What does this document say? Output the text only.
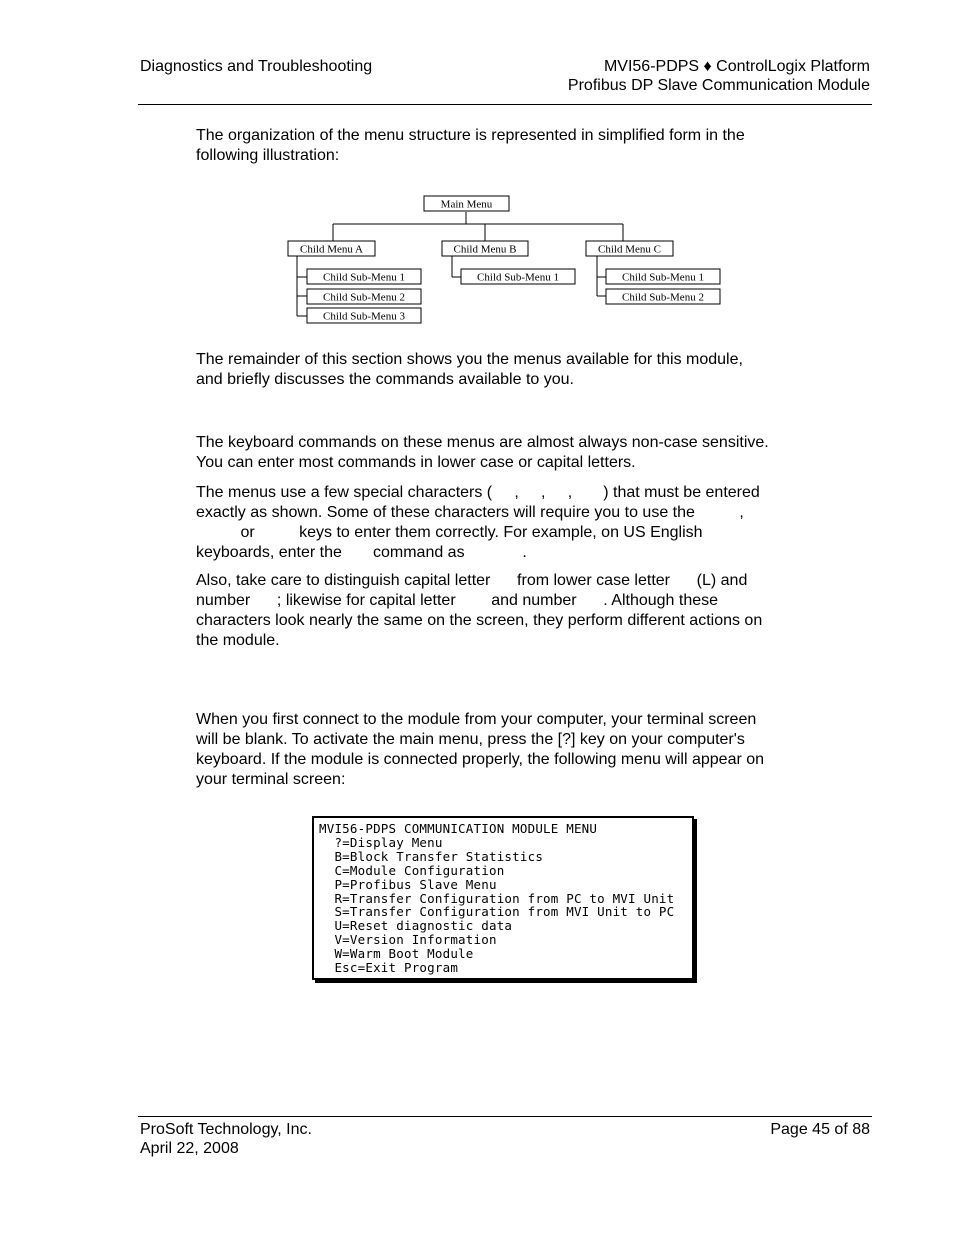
Diagnostics and Troubleshooting	MVI56-PDPS ♦ ControlLogix Platform
Profibus DP Slave Communication Module

The organization of the menu structure is represented in simplified form in the
following illustration:

Main Menu
Child Menu A	Child Menu B	Child Menu C
Child Sub-Menu 1
Child Sub-Menu 2
Child Sub-Menu 3
Child Sub-Menu 1	Child Sub-Menu 1
Child Sub-Menu 2

The remainder of this section shows you the menus available for this module,
and briefly discusses the commands available to you.

The keyboard commands on these menus are almost always non-case sensitive.
You can enter most commands in lower case or capital letters.

The menus use a few special characters (     ,     ,     ,       ) that must be entered
exactly as shown. Some of these characters will require you to use the          ,
or          keys to enter them correctly. For example, on US English
keyboards, enter the       command as             .

Also, take care to distinguish capital letter      from lower case letter      (L) and
number      ; likewise for capital letter        and number      . Although these
characters look nearly the same on the screen, they perform different actions on
the module.

When you first connect to the module from your computer, your terminal screen
will be blank. To activate the main menu, press the [?] key on your computer's
keyboard. If the module is connected properly, the following menu will appear on
your terminal screen:

MVI56-PDPS COMMUNICATION MODULE MENU
?=Display Menu
B=Block Transfer Statistics
C=Module Configuration
P=Profibus Slave Menu
R=Transfer Configuration from PC to MVI Unit
S=Transfer Configuration from MVI Unit to PC
U=Reset diagnostic data
V=Version Information
W=Warm Boot Module
Esc=Exit Program
ProSoft Technology, Inc.
April 22, 2008
Page 45 of 88
